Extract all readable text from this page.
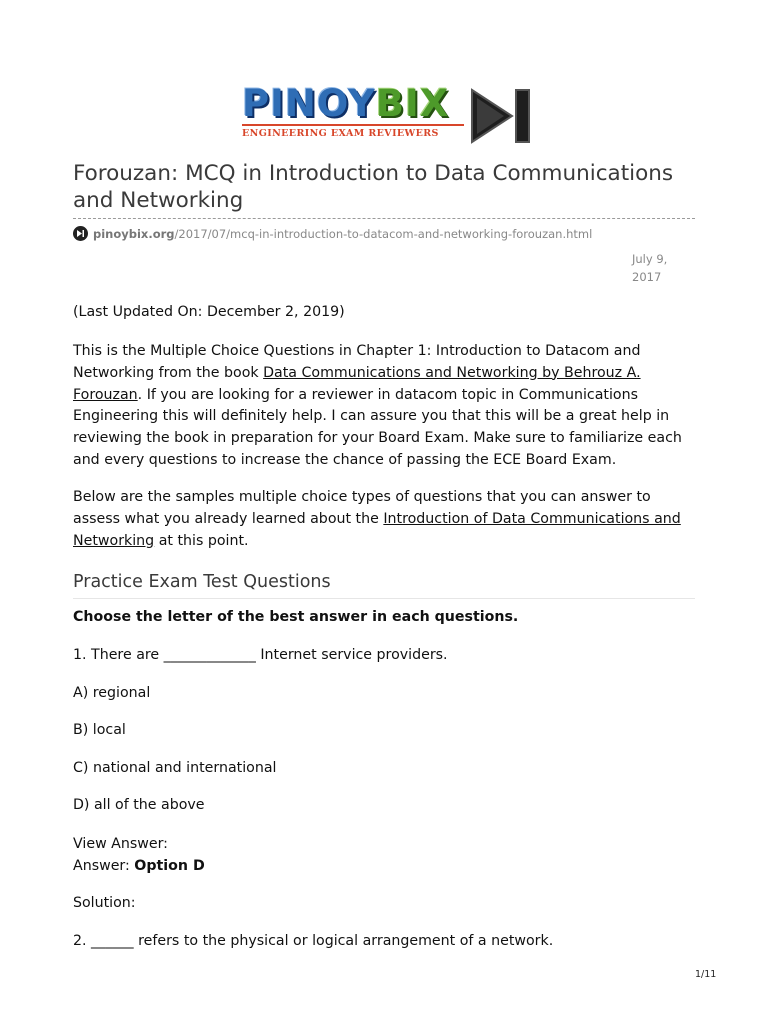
PINOYBIX
ENGINEERING EXAM REVIEWERS
Forouzan: MCQ in Introduction to Data Communications
and Networking
pinoybix.org /2017/07/mcq-in-introduction-to-datacom-and-networking-forouzan.html
July 9,
2017

(Last Updated On: December 2, 2019)

This is the Multiple Choice Questions in Chapter 1: Introduction to Datacom and Networking from the book Data Communications and Networking by Behrouz A. Forouzan. If you are looking for a reviewer in datacom topic in Communications Engineering this will definitely help. I can assure you that this will be a great help in reviewing the book in preparation for your Board Exam. Make sure to familiarize each and every questions to increase the chance of passing the ECE Board Exam.

Below are the samples multiple choice types of questions that you can answer to assess what you already learned about the Introduction of Data Communications and Networking at this point.

Practice Exam Test Questions

Choose the letter of the best answer in each questions.

1. There are _____________ Internet service providers.

A) regional

B) local

C) national and international

D) all of the above

View Answer:

Answer: Option D

Solution:

2. ______ refers to the physical or logical arrangement of a network.

1/11
